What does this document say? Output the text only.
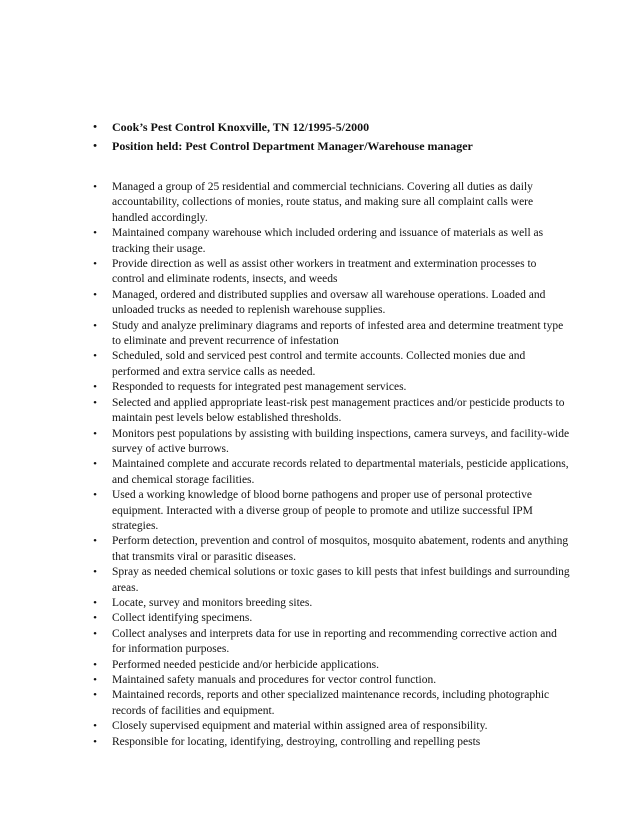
• Cook’s Pest Control Knoxville, TN 12/1995-5/2000
• Position held: Pest Control Department Manager/Warehouse manager
• Managed a group of 25 residential and commercial technicians. Covering all duties as daily accountability, collections of monies, route status, and making sure all complaint calls were handled accordingly.
• Maintained company warehouse which included ordering and issuance of materials as well as tracking their usage.
• Provide direction as well as assist other workers in treatment and extermination processes to control and eliminate rodents, insects, and weeds
• Managed, ordered and distributed supplies and oversaw all warehouse operations. Loaded and unloaded trucks as needed to replenish warehouse supplies.
• Study and analyze preliminary diagrams and reports of infested area and determine treatment type to eliminate and prevent recurrence of infestation
• Scheduled, sold and serviced pest control and termite accounts. Collected monies due and performed and extra service calls as needed.
• Responded to requests for integrated pest management services.
• Selected and applied appropriate least-risk pest management practices and/or pesticide products to maintain pest levels below established thresholds.
• Monitors pest populations by assisting with building inspections, camera surveys, and facility-wide survey of active burrows.
• Maintained complete and accurate records related to departmental materials, pesticide applications, and chemical storage facilities.
• Used a working knowledge of blood borne pathogens and proper use of personal protective equipment. Interacted with a diverse group of people to promote and utilize successful IPM strategies.
• Perform detection, prevention and control of mosquitos, mosquito abatement, rodents and anything that transmits viral or parasitic diseases.
• Spray as needed chemical solutions or toxic gases to kill pests that infest buildings and surrounding areas.
• Locate, survey and monitors breeding sites.
• Collect identifying specimens.
• Collect analyses and interprets data for use in reporting and recommending corrective action and for information purposes.
• Performed needed pesticide and/or herbicide applications.
• Maintained safety manuals and procedures for vector control function.
• Maintained records, reports and other specialized maintenance records, including photographic records of facilities and equipment.
• Closely supervised equipment and material within assigned area of responsibility.
• Responsible for locating, identifying, destroying, controlling and repelling pests
